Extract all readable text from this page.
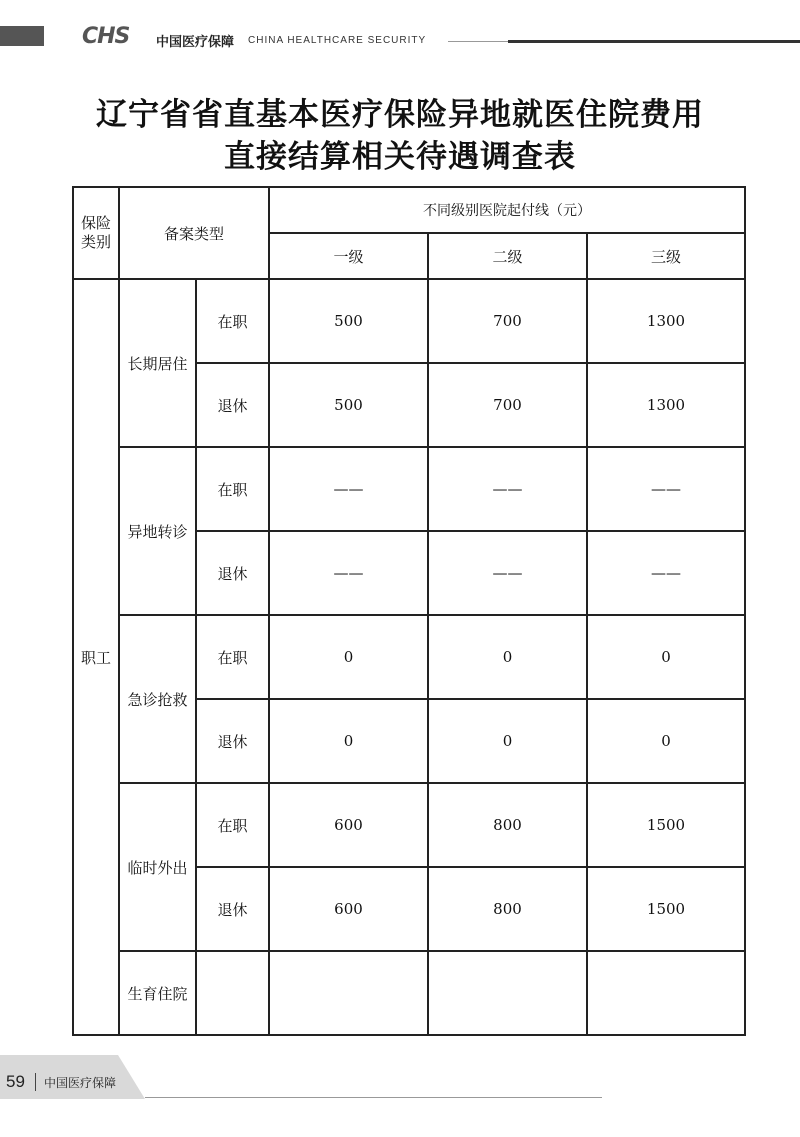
CHS 中国医疗保障 CHINA HEALTHCARE SECURITY
辽宁省省直基本医疗保险异地就医住院费用
直接结算相关待遇调查表
保险类别	备案类型		不同级别医院起付线（元）		
			一级	二级	三级
职工	长期居住	在职	500	700	1300
		退休	500	700	1300
	异地转诊	在职	——	——	——
		退休	——	——	——
	急诊抢救	在职	0	0	0
		退休	0	0	0
	临时外出	在职	600	800	1500
		退休	600	800	1500
	生育住院				
59 中国医疗保障
